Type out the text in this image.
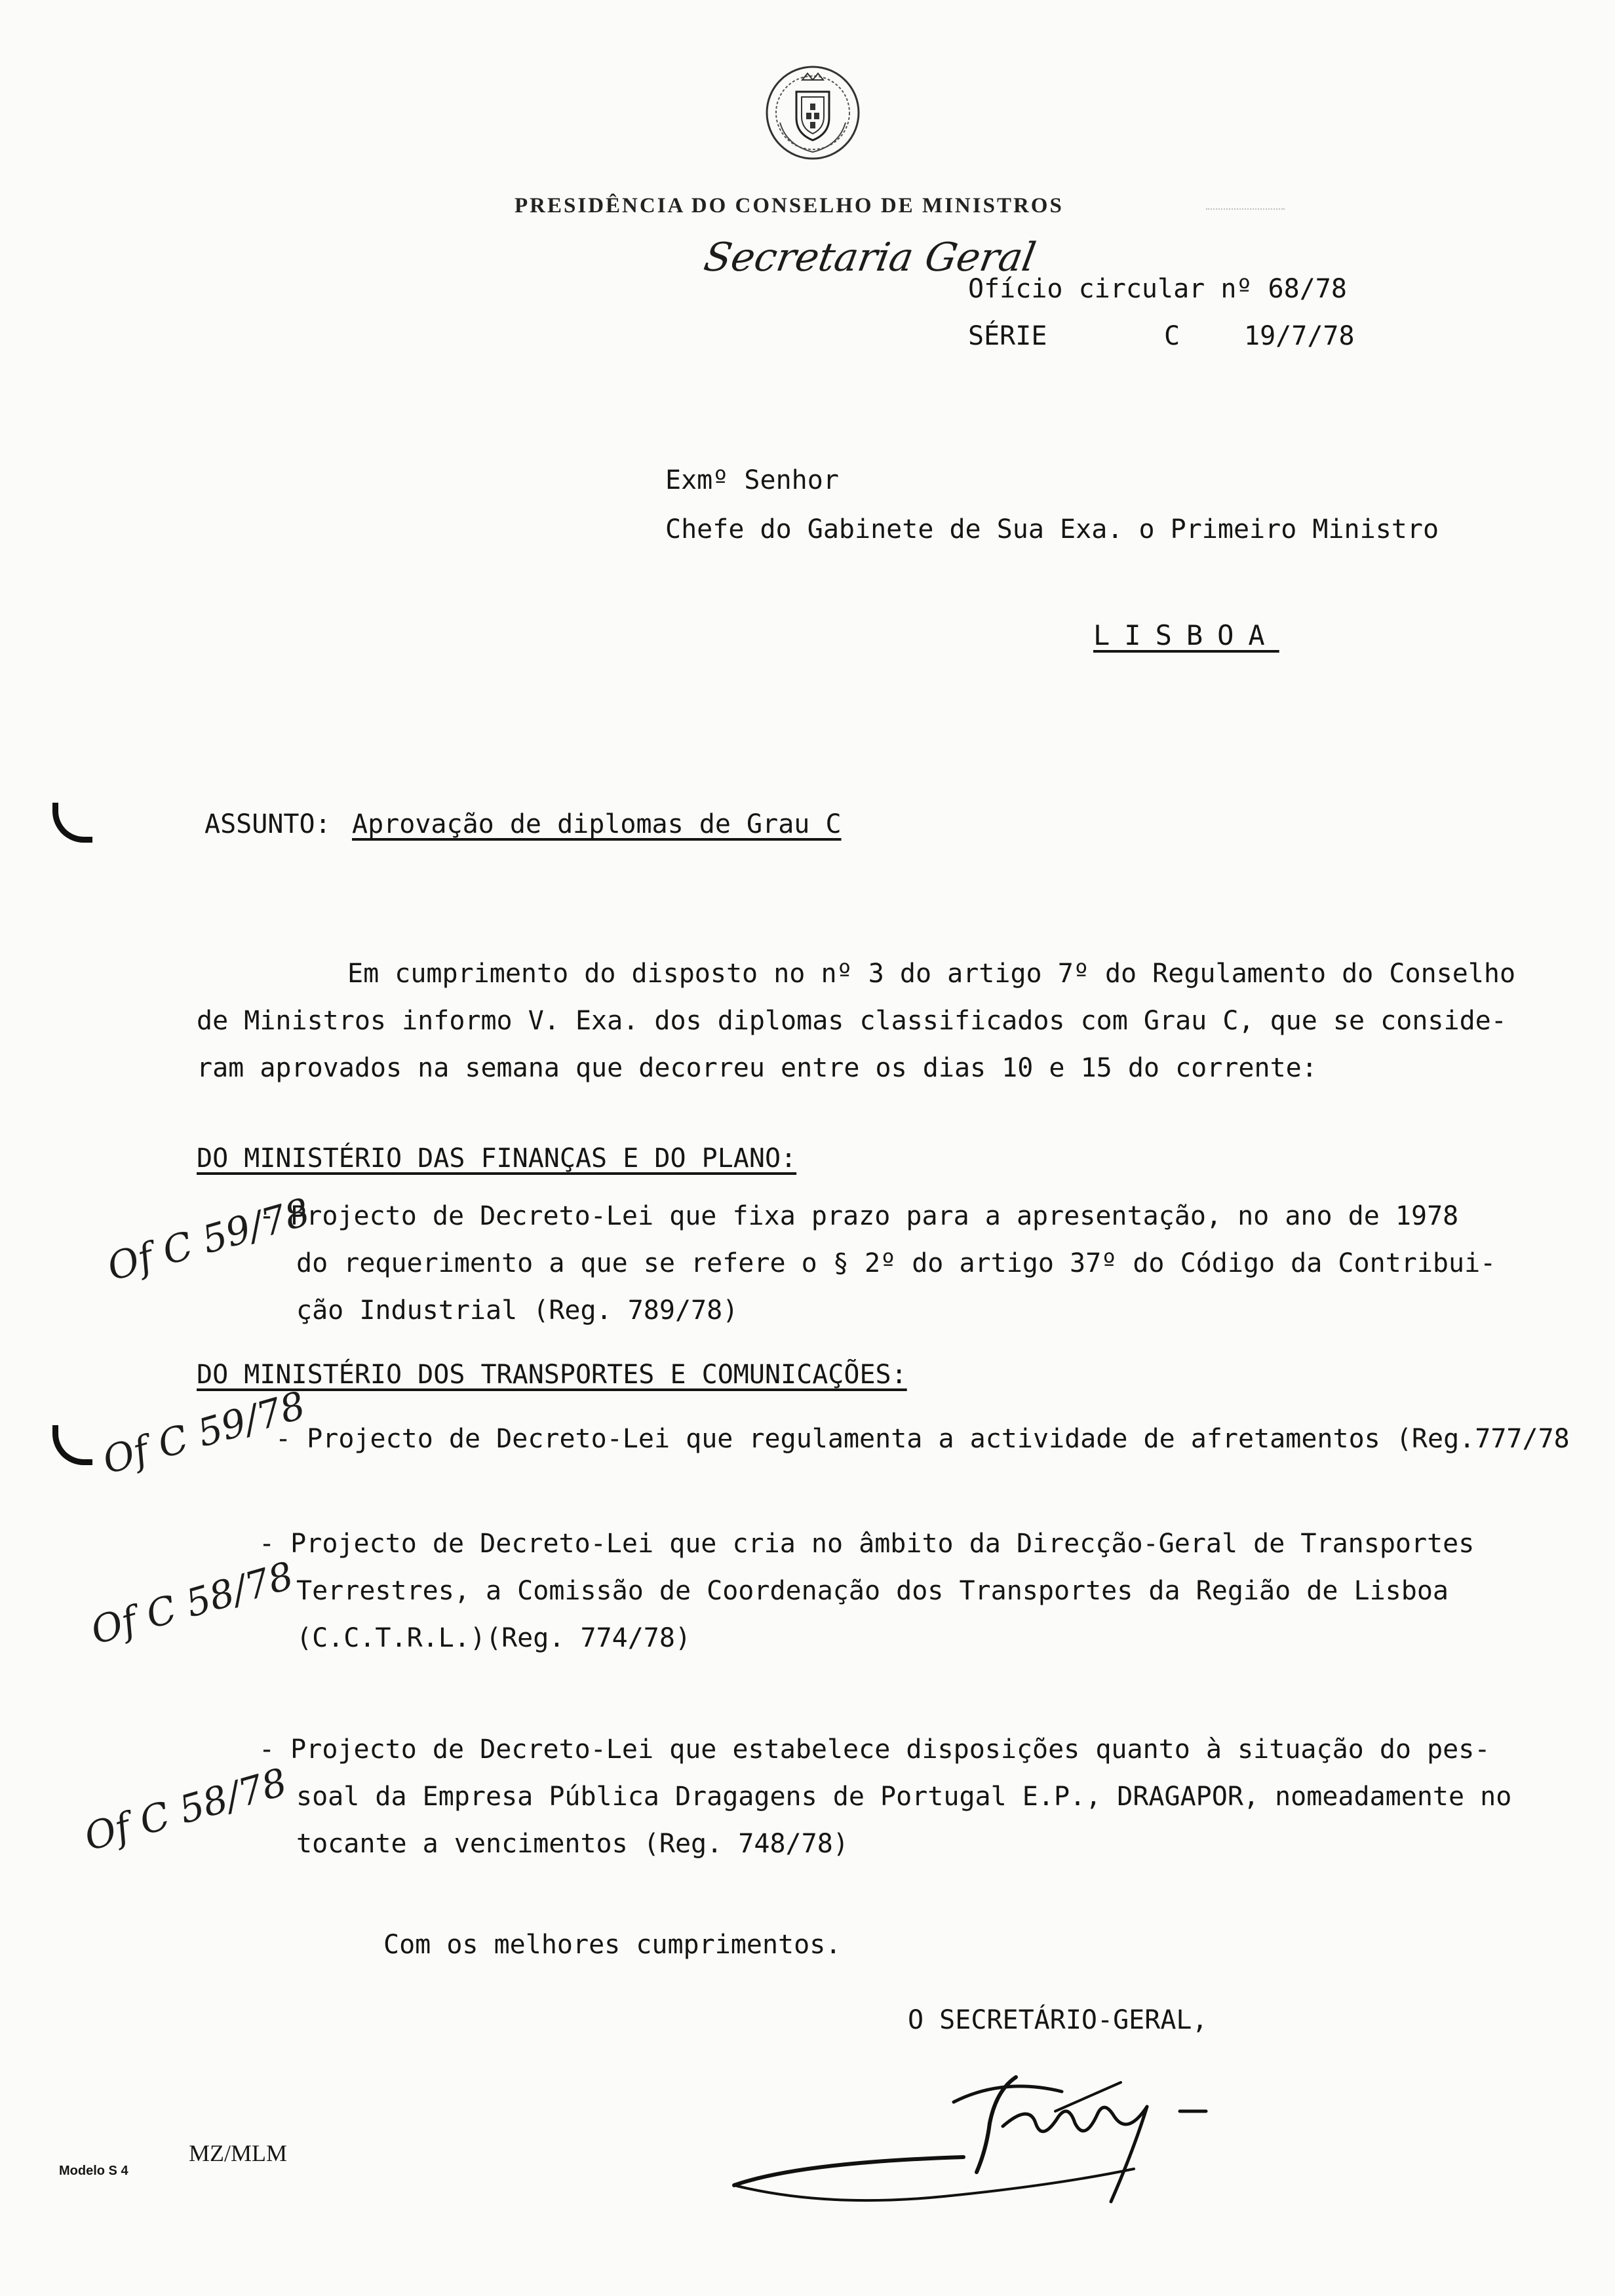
PRESIDÊNCIA DO CONSELHO DE MINISTROS
Secretaria Geral
Ofício circular nº 68/78
SÉRIE	C 19/7/78
Exmº Senhor
Chefe do Gabinete de Sua Exa. o Primeiro Ministro
LISBOA
ASSUNTO: Aprovação de diplomas de Grau C
Em cumprimento do disposto no nº 3 do artigo 7º do Regulamento do Conselho
de Ministros informo V. Exa. dos diplomas classificados com Grau C, que se conside-
ram aprovados na semana que decorreu entre os dias 10 e 15 do corrente:
DO MINISTÉRIO DAS FINANÇAS E DO PLANO:
- Projecto de Decreto-Lei que fixa prazo para a apresentação, no ano de 1978
do requerimento a que se refere o § 2º do artigo 37º do Código da Contribui-
ção Industrial (Reg. 789/78)
DO MINISTÉRIO DOS TRANSPORTES E COMUNICAÇÕES:
- Projecto de Decreto-Lei que regulamenta a actividade de afretamentos (Reg.777/78
- Projecto de Decreto-Lei que cria no âmbito da Direcção-Geral de Transportes
Terrestres, a Comissão de Coordenação dos Transportes da Região de Lisboa
(C.C.T.R.L.)(Reg. 774/78)
- Projecto de Decreto-Lei que estabelece disposições quanto à situação do pes-
soal da Empresa Pública Dragagens de Portugal E.P., DRAGAPOR, nomeadamente no
tocante a vencimentos (Reg. 748/78)
Of C 59/78
Of C 59/78
Of C 58/78
Of C 58/78
Com os melhores cumprimentos.
O SECRETÁRIO-GERAL,
MZ/MLM
Modelo S 4
